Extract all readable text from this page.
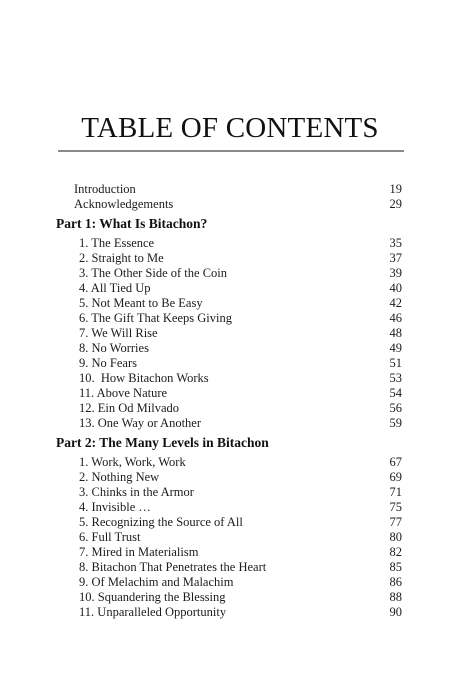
TABLE OF CONTENTS
Introduction	19
Acknowledgements	29
Part 1: What Is Bitachon?
1. The Essence	35
2. Straight to Me	37
3. The Other Side of the Coin	39
4. All Tied Up	40
5. Not Meant to Be Easy	42
6. The Gift That Keeps Giving	46
7. We Will Rise	48
8. No Worries	49
9. No Fears	51
10.  How Bitachon Works	53
11. Above Nature	54
12. Ein Od Milvado	56
13. One Way or Another	59
Part 2: The Many Levels in Bitachon
1. Work, Work, Work	67
2. Nothing New	69
3. Chinks in the Armor	71
4. Invisible …	75
5. Recognizing the Source of All	77
6. Full Trust	80
7. Mired in Materialism	82
8. Bitachon That Penetrates the Heart	85
9. Of Melachim and Malachim	86
10. Squandering the Blessing	88
11. Unparalleled Opportunity	90
